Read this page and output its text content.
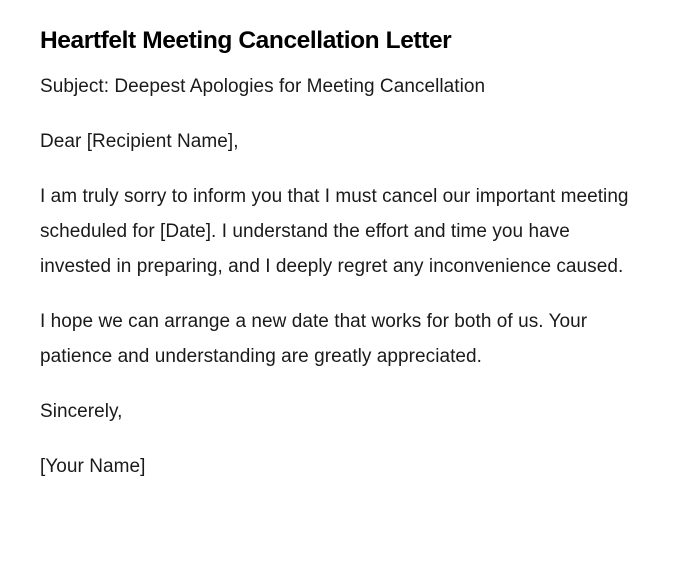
Heartfelt Meeting Cancellation Letter

Subject: Deepest Apologies for Meeting Cancellation

Dear [Recipient Name],

I am truly sorry to inform you that I must cancel our important meeting scheduled for [Date]. I understand the effort and time you have invested in preparing, and I deeply regret any inconvenience caused.

I hope we can arrange a new date that works for both of us. Your patience and understanding are greatly appreciated.

Sincerely,

[Your Name]
